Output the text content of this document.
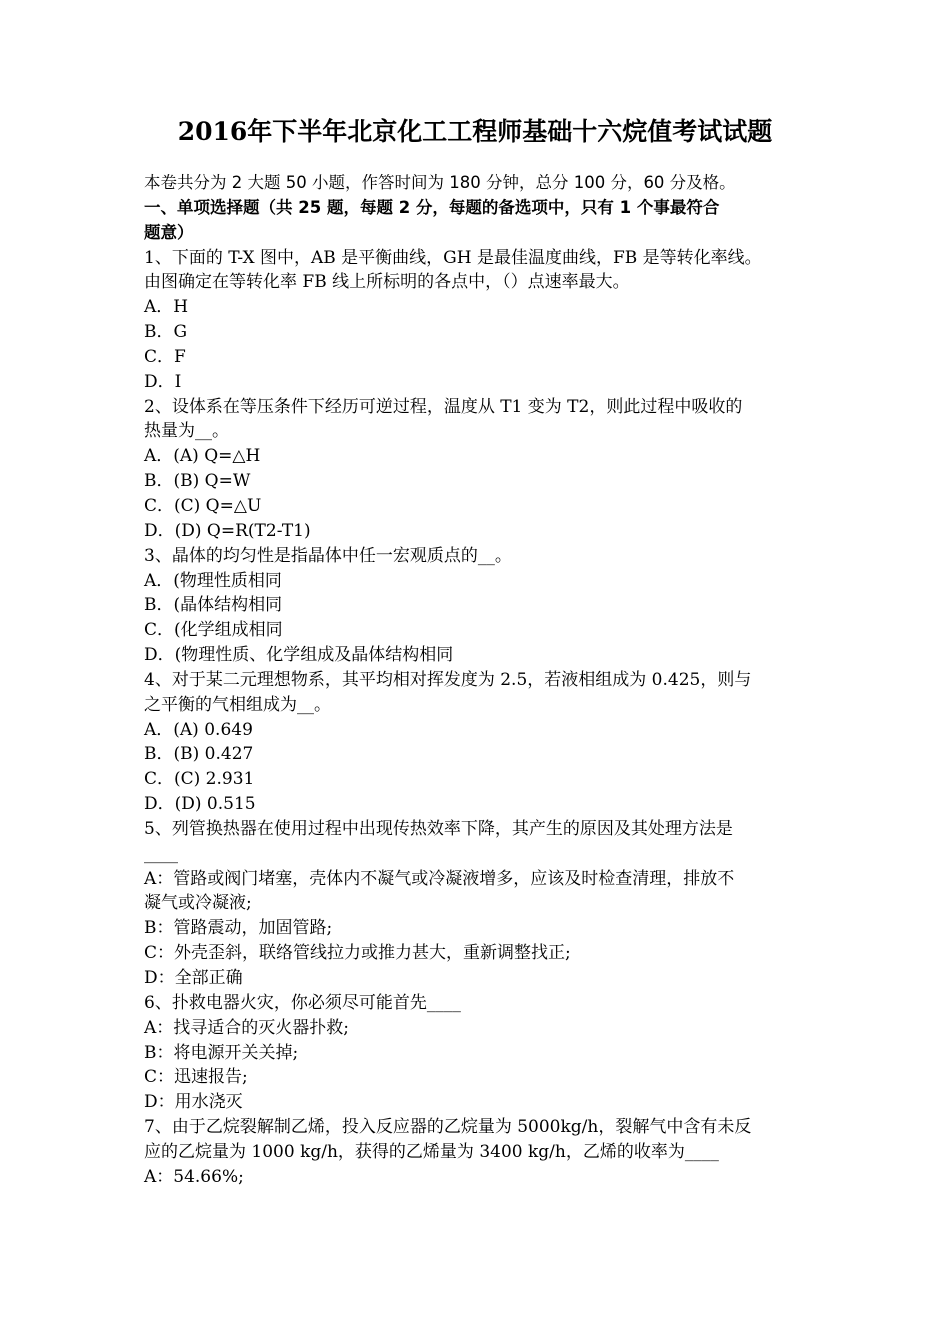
2016年下半年北京化工工程师基础十六烷值考试试题
本卷共分为 2 大题 50 小题，作答时间为 180 分钟，总分 100 分，60 分及格。
一、单项选择题（共 25 题，每题 2 分，每题的备选项中，只有 1 个事最符合
题意）
1、下面的 T-X 图中，AB 是平衡曲线，GH 是最佳温度曲线，FB 是等转化率线。
由图确定在等转化率 FB 线上所标明的各点中，（）点速率最大。
A．H
B．G
C．F
D．I
2、设体系在等压条件下经历可逆过程，温度从 T1 变为 T2，则此过程中吸收的
热量为__。
A．(A) Q=△H
B．(B) Q=W
C．(C) Q=△U
D．(D) Q=R(T2-T1)
3、晶体的均匀性是指晶体中任一宏观质点的__。
A．(物理性质相同
B．(晶体结构相同
C．(化学组成相同
D．(物理性质、化学组成及晶体结构相同
4、对于某二元理想物系，其平均相对挥发度为 2.5，若液相组成为 0.425，则与
之平衡的气相组成为__。
A．(A) 0.649
B．(B) 0.427
C．(C) 2.931
D．(D) 0.515
5、列管换热器在使用过程中出现传热效率下降，其产生的原因及其处理方法是
____
A：管路或阀门堵塞，壳体内不凝气或冷凝液增多，应该及时检查清理，排放不
凝气或冷凝液;
B：管路震动，加固管路;
C：外壳歪斜，联络管线拉力或推力甚大，重新调整找正;
D：全部正确
6、扑救电器火灾，你必须尽可能首先____
A：找寻适合的灭火器扑救;
B：将电源开关关掉;
C：迅速报告;
D：用水浇灭
7、由于乙烷裂解制乙烯，投入反应器的乙烷量为 5000kg/h，裂解气中含有未反
应的乙烷量为 1000 kg/h，获得的乙烯量为 3400 kg/h，乙烯的收率为____
A：54.66%;
